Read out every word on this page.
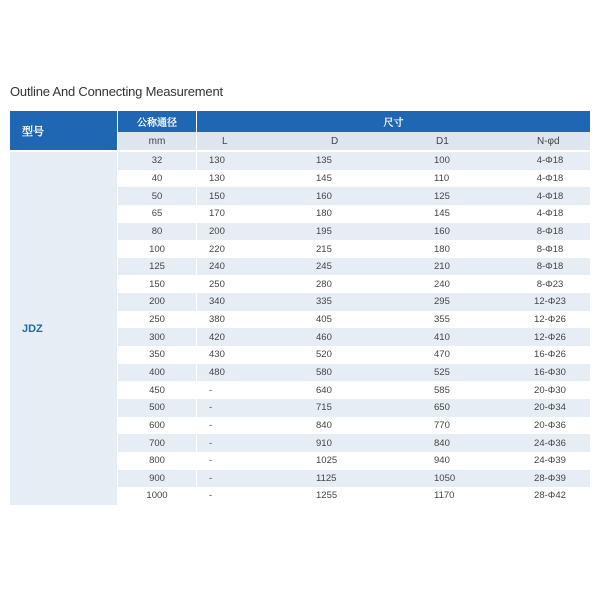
Outline And Connecting Measurement
型号
公称通径	尺寸
mm	L	D	D1	N-φd
JDZ
32	130	135	100	4-Φ18
40	130	145	110	4-Φ18
50	150	160	125	4-Φ18
65	170	180	145	4-Φ18
80	200	195	160	8-Φ18
100	220	215	180	8-Φ18
125	240	245	210	8-Φ18
150	250	280	240	8-Φ23
200	340	335	295	12-Φ23
250	380	405	355	12-Φ26
300	420	460	410	12-Φ26
350	430	520	470	16-Φ26
400	480	580	525	16-Φ30
450	-	640	585	20-Φ30
500	-	715	650	20-Φ34
600	-	840	770	20-Φ36
700	-	910	840	24-Φ36
800	-	1025	940	24-Φ39
900	-	1125	1050	28-Φ39
1000	-	1255	1170	28-Φ42
